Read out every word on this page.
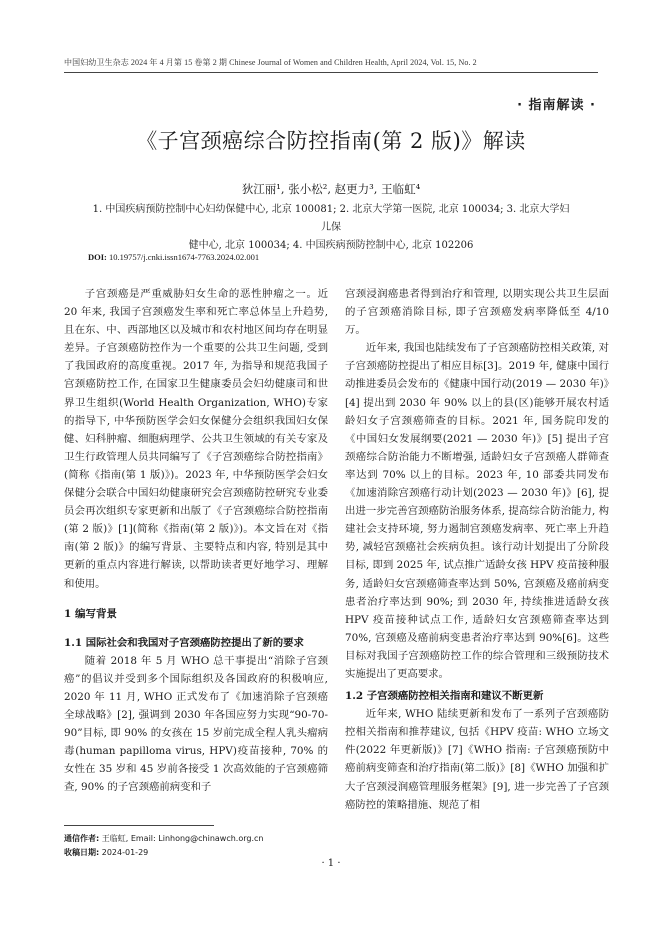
中国妇幼卫生杂志 2024 年 4 月第 15 卷第 2 期 Chinese Journal of Women and Children Health, April 2024, Vol. 15, No. 2
· 指南解读 ·
《子宫颈癌综合防控指南(第 2 版)》解读
狄江丽¹, 张小松², 赵更力³, 王临虹⁴
1. 中国疾病预防控制中心妇幼保健中心, 北京 100081; 2. 北京大学第一医院, 北京 100034; 3. 北京大学妇儿保
健中心, 北京 100034; 4. 中国疾病预防控制中心, 北京 102206
DOI: 10.19757/j.cnki.issn1674-7763.2024.02.001

子宫颈癌是严重威胁妇女生命的恶性肿瘤之一。近 20 年来, 我国子宫颈癌发生率和死亡率总体呈上升趋势, 且在东、中、西部地区以及城市和农村地区间均存在明显差异。子宫颈癌防控作为一个重要的公共卫生问题, 受到了我国政府的高度重视。2017 年, 为指导和规范我国子宫颈癌防控工作, 在国家卫生健康委员会妇幼健康司和世界卫生组织(World Health Organization, WHO)专家的指导下, 中华预防医学会妇女保健分会组织我国妇女保健、妇科肿瘤、细胞病理学、公共卫生领域的有关专家及卫生行政管理人员共同编写了《子宫颈癌综合防控指南》(简称《指南(第 1 版)》)。2023 年, 中华预防医学会妇女保健分会联合中国妇幼健康研究会宫颈癌防控研究专业委员会再次组织专家更新和出版了《子宫颈癌综合防控指南(第 2 版)》[1](简称《指南(第 2 版)》)。本文旨在对《指南(第 2 版)》的编写背景、主要特点和内容, 特别是其中更新的重点内容进行解读, 以帮助读者更好地学习、理解和使用。

1 编写背景
1.1 国际社会和我国对子宫颈癌防控提出了新的要求

随着 2018 年 5 月 WHO 总干事提出“消除子宫颈癌”的倡议并受到多个国际组织及各国政府的积极响应, 2020 年 11 月, WHO 正式发布了《加速消除子宫颈癌全球战略》[2], 强调到 2030 年各国应努力实现“90-70-90”目标, 即 90% 的女孩在 15 岁前完成全程人乳头瘤病毒(human papilloma virus, HPV)疫苗接种, 70% 的女性在 35 岁和 45 岁前各接受 1 次高效能的子宫颈癌筛查, 90% 的子宫颈癌前病变和子

宫颈浸润癌患者得到治疗和管理, 以期实现公共卫生层面的子宫颈癌消除目标, 即子宫颈癌发病率降低至 4/10 万。

近年来, 我国也陆续发布了子宫颈癌防控相关政策, 对子宫颈癌防控提出了相应目标[3]。2019 年, 健康中国行动推进委员会发布的《健康中国行动(2019 — 2030 年)》[4] 提出到 2030 年 90% 以上的县(区)能够开展农村适龄妇女子宫颈癌筛查的目标。2021 年, 国务院印发的《中国妇女发展纲要(2021 — 2030 年)》[5] 提出子宫颈癌综合防治能力不断增强, 适龄妇女子宫颈癌人群筛查率达到 70% 以上的目标。2023 年, 10 部委共同发布《加速消除宫颈癌行动计划(2023 — 2030 年)》[6], 提出进一步完善宫颈癌防治服务体系, 提高综合防治能力, 构建社会支持环境, 努力遏制宫颈癌发病率、死亡率上升趋势, 减轻宫颈癌社会疾病负担。该行动计划提出了分阶段目标, 即到 2025 年, 试点推广适龄女孩 HPV 疫苗接种服务, 适龄妇女宫颈癌筛查率达到 50%, 宫颈癌及癌前病变患者治疗率达到 90%; 到 2030 年, 持续推进适龄女孩 HPV 疫苗接种试点工作, 适龄妇女宫颈癌筛查率达到 70%, 宫颈癌及癌前病变患者治疗率达到 90%[6]。这些目标对我国子宫颈癌防控工作的综合管理和三级预防技术实施提出了更高要求。

1.2 子宫颈癌防控相关指南和建议不断更新

近年来, WHO 陆续更新和发布了一系列子宫颈癌防控相关指南和推荐建议, 包括《HPV 疫苗: WHO 立场文件(2022 年更新版)》[7]《WHO 指南: 子宫颈癌预防中癌前病变筛查和治疗指南(第二版)》[8]《WHO 加强和扩大子宫颈浸润癌管理服务框架》[9], 进一步完善了子宫颈癌防控的策略措施、规范了相

通信作者: 王临虹, Email: Linhong@chinawch.org.cn
收稿日期: 2024-01-29
· 1 ·
